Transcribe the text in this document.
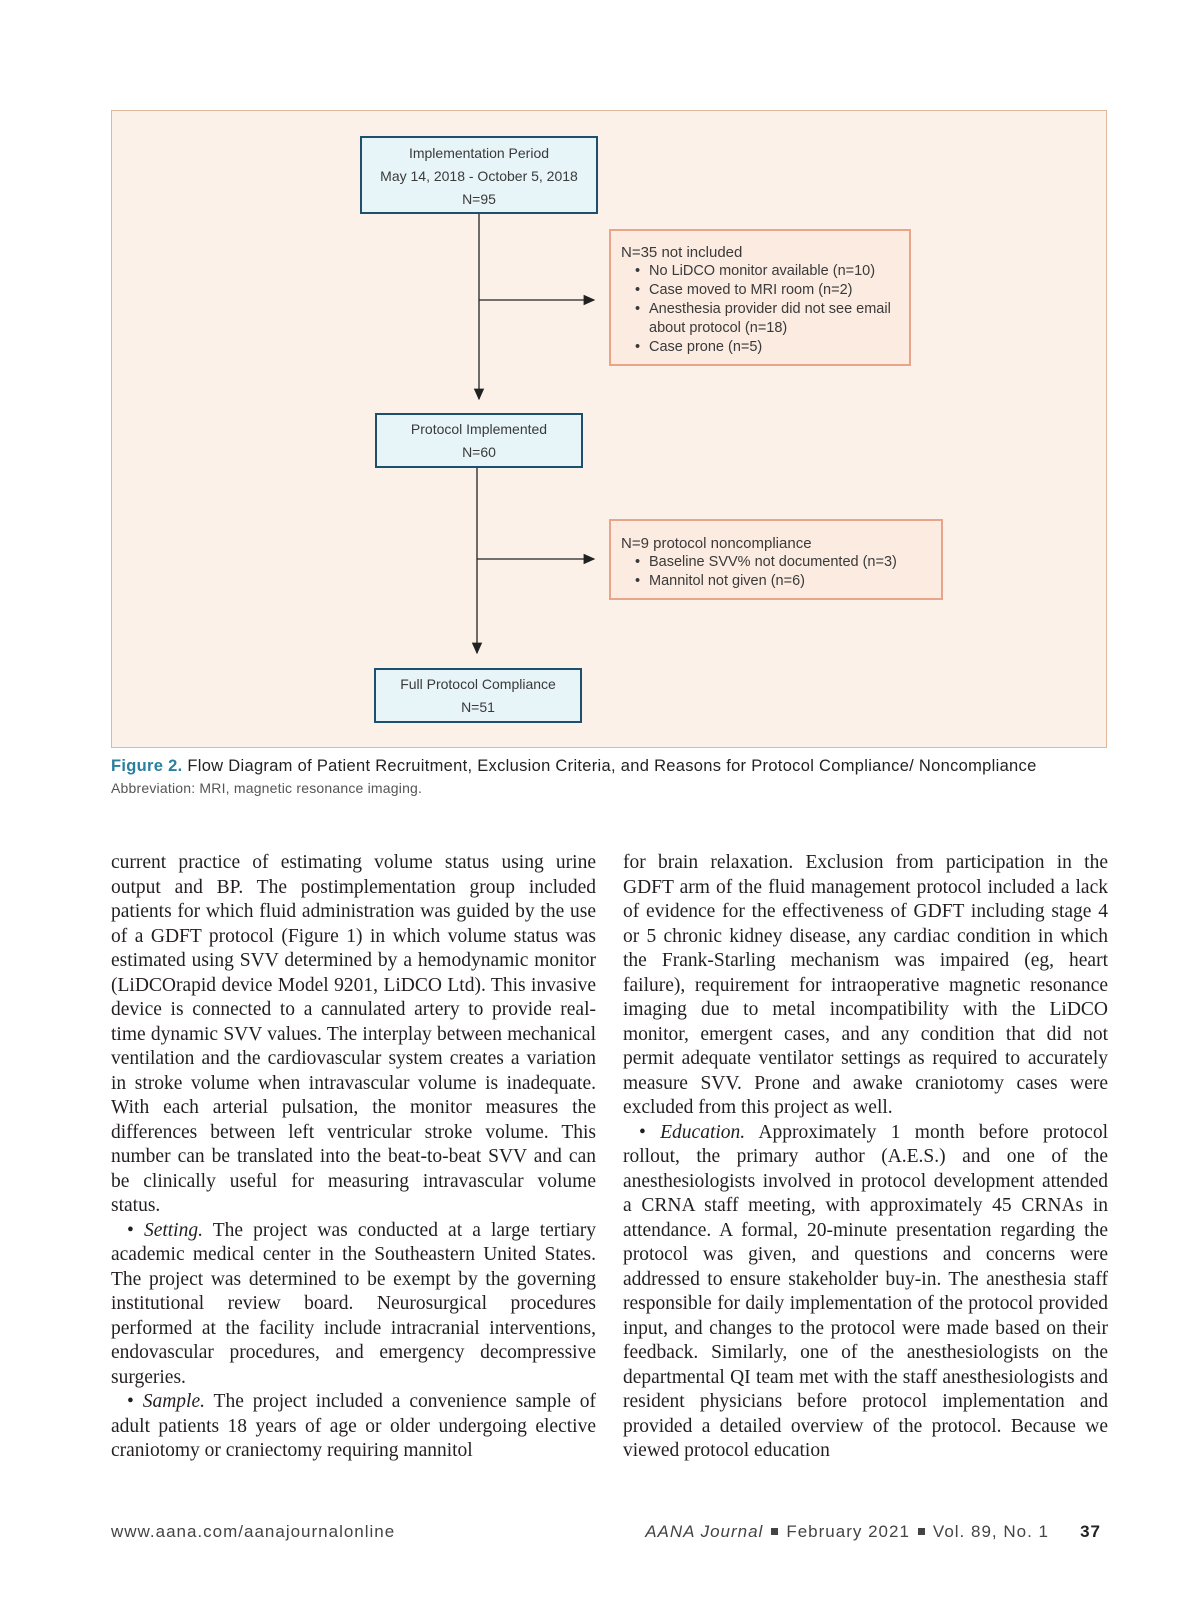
Implementation Period
May 14, 2018 - October 5, 2018
N=95
N=35 not included
• No LiDCO monitor available (n=10)
• Case moved to MRI room (n=2)
• Anesthesia provider did not see email about protocol (n=18)
• Case prone (n=5)
Protocol Implemented
N=60
N=9 protocol noncompliance
• Baseline SVV% not documented (n=3)
• Mannitol not given (n=6)
Full Protocol Compliance
N=51
Figure 2. Flow Diagram of Patient Recruitment, Exclusion Criteria, and Reasons for Protocol Compliance/ Noncompliance
Abbreviation: MRI, magnetic resonance imaging.

current practice of estimating volume status using urine output and BP. The postimplementation group included patients for which fluid administration was guided by the use of a GDFT protocol (Figure 1) in which volume status was estimated using SVV determined by a hemodynamic monitor (LiDCOrapid device Model 9201, LiDCO Ltd). This invasive device is connected to a cannulated artery to provide real-time dynamic SVV values. The interplay between mechanical ventilation and the cardiovascular system creates a variation in stroke volume when intravascular volume is inadequate. With each arterial pulsation, the monitor measures the differences between left ventricular stroke volume. This number can be translated into the beat-to-beat SVV and can be clinically useful for measuring intravascular volume status.

• Setting. The project was conducted at a large tertiary academic medical center in the Southeastern United States. The project was determined to be exempt by the governing institutional review board. Neurosurgical procedures performed at the facility include intracranial interventions, endovascular procedures, and emergency decompressive surgeries.

• Sample. The project included a convenience sample of adult patients 18 years of age or older undergoing elective craniotomy or craniectomy requiring mannitol

for brain relaxation. Exclusion from participation in the GDFT arm of the fluid management protocol included a lack of evidence for the effectiveness of GDFT including stage 4 or 5 chronic kidney disease, any cardiac condition in which the Frank-Starling mechanism was impaired (eg, heart failure), requirement for intraoperative magnetic resonance imaging due to metal incompatibility with the LiDCO monitor, emergent cases, and any condition that did not permit adequate ventilator settings as required to accurately measure SVV. Prone and awake craniotomy cases were excluded from this project as well.

• Education. Approximately 1 month before protocol rollout, the primary author (A.E.S.) and one of the anesthesiologists involved in protocol development attended a CRNA staff meeting, with approximately 45 CRNAs in attendance. A formal, 20-minute presentation regarding the protocol was given, and questions and concerns were addressed to ensure stakeholder buy-in. The anesthesia staff responsible for daily implementation of the protocol provided input, and changes to the protocol were made based on their feedback. Similarly, one of the anesthesiologists on the departmental QI team met with the staff anesthesiologists and resident physicians before protocol implementation and provided a detailed overview of the protocol. Because we viewed protocol education

www.aana.com/aanajournalonline	AANA Journal February 2021 Vol. 89, No. 1 37
